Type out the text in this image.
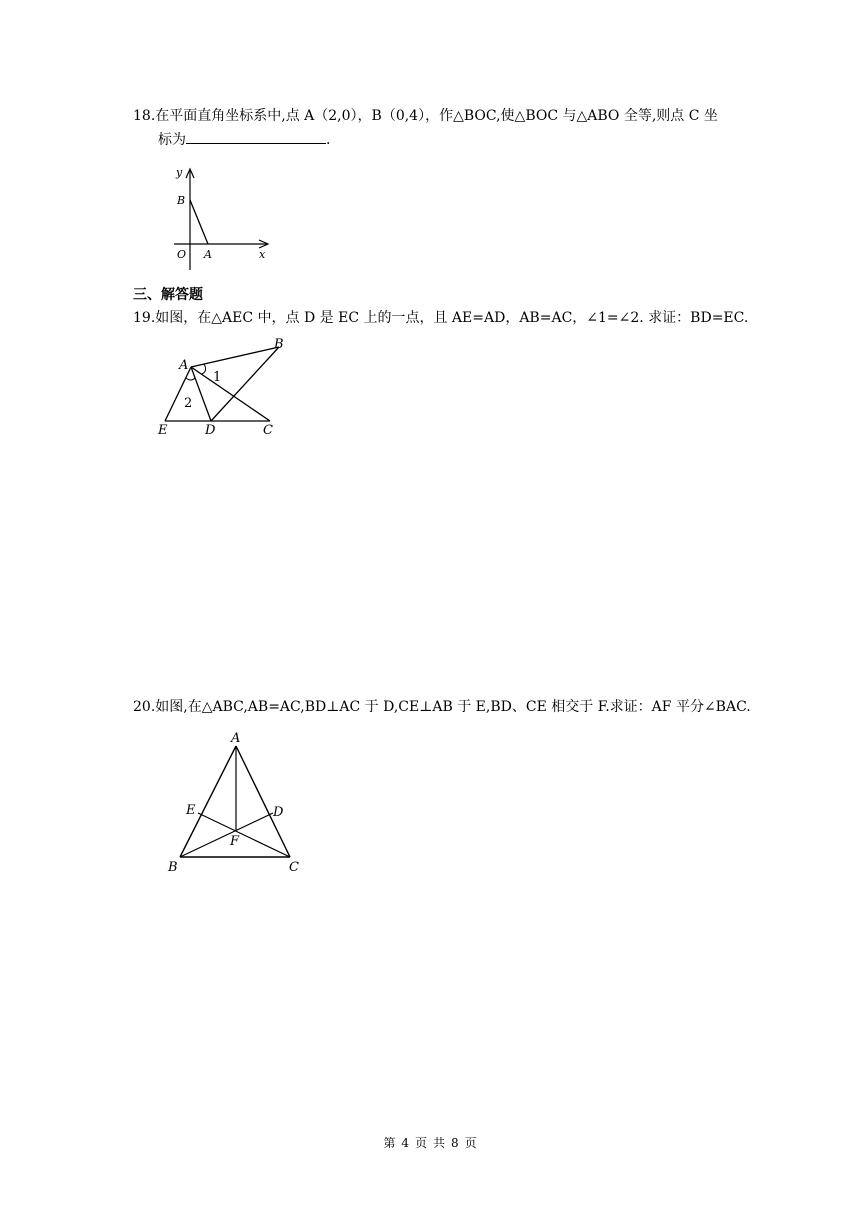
18.在平面直角坐标系中,点 A（2,0），B（0,4），作△BOC,使△BOC 与△ABO 全等,则点 C 坐
标为	.
y
B
O A	x
三、解答题
19.如图，在△AEC 中，点 D 是 EC 上的一点，且 AE=AD，AB=AC，∠1=∠2. 求证：BD=EC.
A
B
E	D	C
1
2
20.如图,在△ABC,AB=AC,BD⊥AC 于 D,CE⊥AB 于 E,BD、CE 相交于 F.求证：AF 平分∠BAC.
A
E	D
F
B	C
第 4 页 共 8 页
